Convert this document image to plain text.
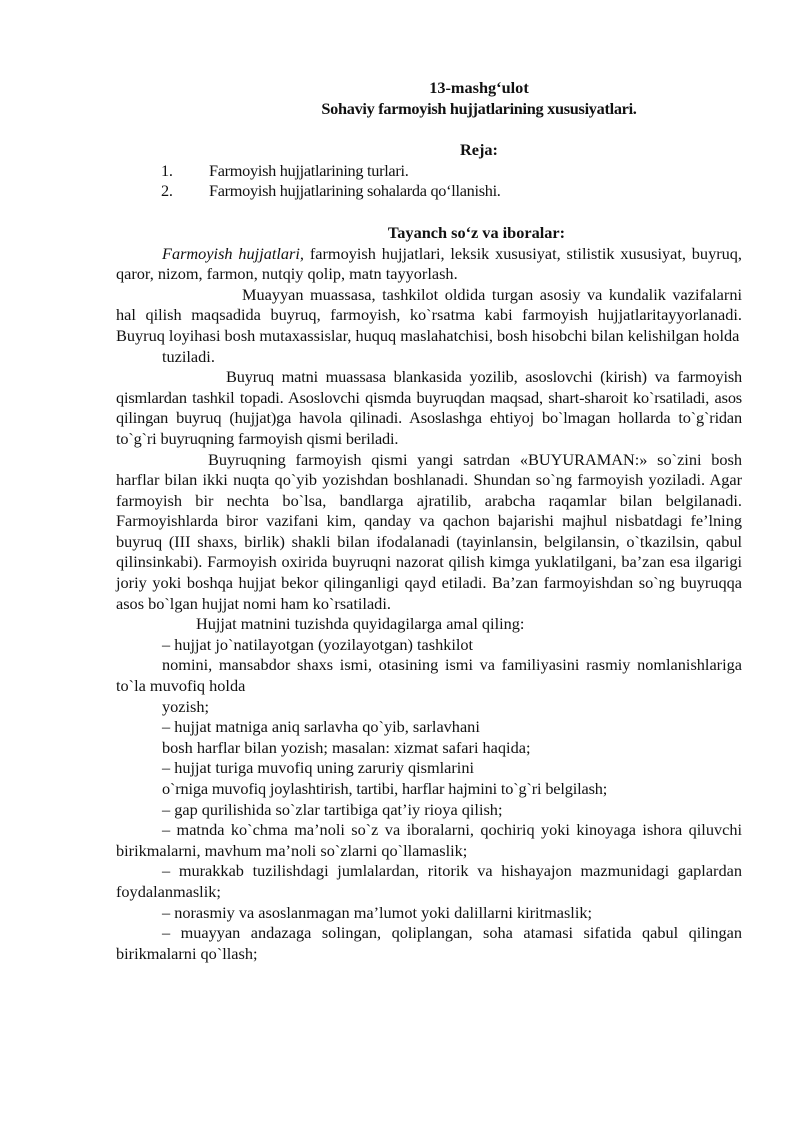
13-mashg‘ulot
Sohaviy farmoyish hujjatlarining xususiyatlari.
Reja:
1.	Farmoyish hujjatlarining turlari.
2.	Farmoyish hujjatlarining sohalarda qo‘llanishi.
Tayanch so‘z va iboralar:

Farmoyish hujjatlari, farmoyish hujjatlari, leksik xususiyat, stilistik xususiyat, buyruq, qaror, nizom, farmon, nutqiy qolip, matn tayyorlash.

Muayyan muassasa, tashkilot oldida turgan asosiy va kundalik vazifalarni hal qilish maqsadida buyruq, farmoyish, ko`rsatma kabi farmoyish hujjatlaritayyorlanadi. Buyruq loyihasi bosh mutaxassislar, huquq maslahatchisi, bosh hisobchi bilan kelishilgan holda

tuziladi.

Buyruq matni muassasa blankasida yozilib, asoslovchi (kirish) va farmoyish qismlardan tashkil topadi. Asoslovchi qismda buyruqdan maqsad, shart-sharoit ko`rsatiladi, asos qilingan buyruq (hujjat)ga havola qilinadi. Asoslashga ehtiyoj bo`lmagan hollarda to`g`ridan to`g`ri buyruqning farmoyish qismi beriladi.

Buyruqning farmoyish qismi yangi satrdan «BUYURAMAN:» so`zini bosh harflar bilan ikki nuqta qo`yib yozishdan boshlanadi. Shundan so`ng farmoyish yoziladi. Agar farmoyish bir nechta bo`lsa, bandlarga ajratilib, arabcha raqamlar bilan belgilanadi. Farmoyishlarda biror vazifani kim, qanday va qachon bajarishi majhul nisbatdagi fe’lning buyruq (III shaxs, birlik) shakli bilan ifodalanadi (tayinlansin, belgilansin, o`tkazilsin, qabul qilinsinkabi). Farmoyish oxirida buyruqni nazorat qilish kimga yuklatilgani, ba’zan esa ilgarigi joriy yoki boshqa hujjat bekor qilinganligi qayd etiladi. Ba’zan farmoyishdan so`ng buyruqqa asos bo`lgan hujjat nomi ham ko`rsatiladi.

Hujjat matnini tuzishda quyidagilarga amal qiling:

– hujjat jo`natilayotgan (yozilayotgan) tashkilot

nomini, mansabdor shaxs ismi, otasining ismi va familiyasini rasmiy nomlanishlariga to`la muvofiq holda

yozish;

– hujjat matniga aniq sarlavha qo`yib, sarlavhani

bosh harflar bilan yozish; masalan: xizmat safari haqida;

– hujjat turiga muvofiq uning zaruriy qismlarini

o`rniga muvofiq joylashtirish, tartibi, harflar hajmini to`g`ri belgilash;

– gap qurilishida so`zlar tartibiga qat’iy rioya qilish;

– matnda ko`chma ma’noli so`z va iboralarni, qochiriq yoki kinoyaga ishora qiluvchi birikmalarni, mavhum ma’noli so`zlarni qo`llamaslik;

– murakkab tuzilishdagi jumlalardan, ritorik va hishayajon mazmunidagi gaplardan foydalanmaslik;

– norasmiy va asoslanmagan ma’lumot yoki dalillarni kiritmaslik;

– muayyan andazaga solingan, qoliplangan, soha atamasi sifatida qabul qilingan birikmalarni qo`llash;
